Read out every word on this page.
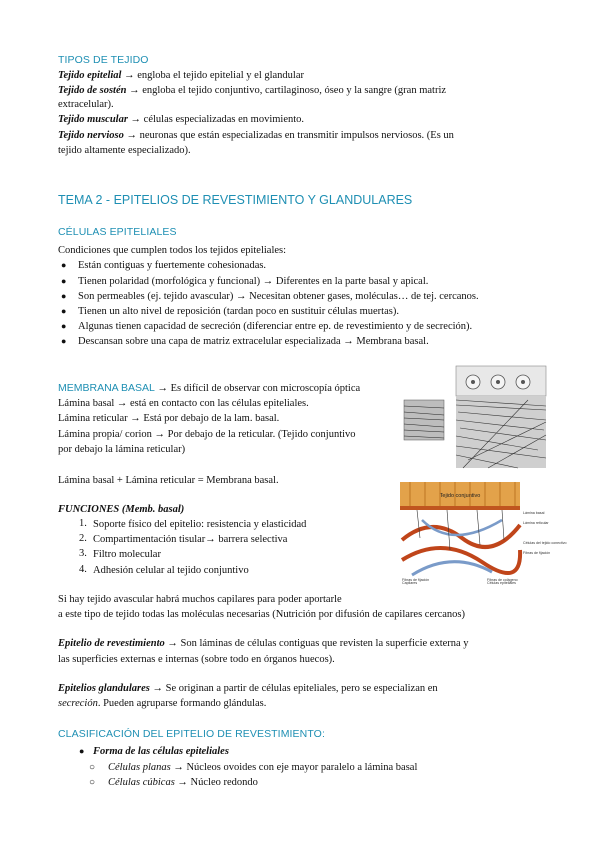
TIPOS DE TEJIDO
Tejido epitelial → engloba el tejido epitelial y el glandular
Tejido de sostén → engloba el tejido conjuntivo, cartilaginoso, óseo y la sangre (gran matriz
extracelular).
Tejido muscular → células especializadas en movimiento.
Tejido nervioso → neuronas que están especializadas en transmitir impulsos nerviosos. (Es un
tejido altamente especializado).
TEMA 2 - EPITELIOS DE REVESTIMIENTO Y GLANDULARES
CÉLULAS EPITELIALES
Condiciones que cumplen todos los tejidos epiteliales:
● Están contiguas y fuertemente cohesionadas.
● Tienen polaridad (morfológica y funcional) → Diferentes en la parte basal y apical.
● Son permeables (ej. tejido avascular) → Necesitan obtener gases, moléculas… de tej. cercanos.
● Tienen un alto nivel de reposición (tardan poco en sustituir células muertas).
● Algunas tienen capacidad de secreción (diferenciar entre ep. de revestimiento y de secreción).
● Descansan sobre una capa de matriz extracelular especializada → Membrana basal.
MEMBRANA BASAL → Es difícil de observar con microscopía óptica
Lámina basal → está en contacto con las células epiteliales.
Lámina reticular → Está por debajo de la lam. basal.
Lámina propia/ corion → Por debajo de la reticular. (Tejido conjuntivo
por debajo la lámina reticular)
Lámina basal + Lámina reticular = Membrana basal.
FUNCIONES (Memb. basal)
1. Soporte físico del epitelio: resistencia y elasticidad
2. Compartimentación tisular→ barrera selectiva
3. Filtro molecular
4. Adhesión celular al tejido conjuntivo
Si hay tejido avascular habrá muchos capilares para poder aportarle
a este tipo de tejido todas las moléculas necesarias (Nutrición por difusión de capilares cercanos)
Epitelio de revestimiento → Son láminas de células contiguas que revisten la superficie externa y
las superficies externas e internas (sobre todo en órganos huecos).
Epitelios glandulares → Se originan a partir de células epiteliales, pero se especializan en
secreción. Pueden agruparse formando glándulas.
CLASIFICACIÓN DEL EPITELIO DE REVESTIMIENTO:
● Forma de las células epiteliales
○ Células planas → Núcleos ovoides con eje mayor paralelo a lámina basal
○ Células cúbicas → Núcleo redondo
Tejido conjuntivo
Lámina basal
Lámina reticular
Células del tejido conectivo
Fibras de fijación
Fibras de fijación	Fibras de colágeno
Capilares	Células epiteliales
